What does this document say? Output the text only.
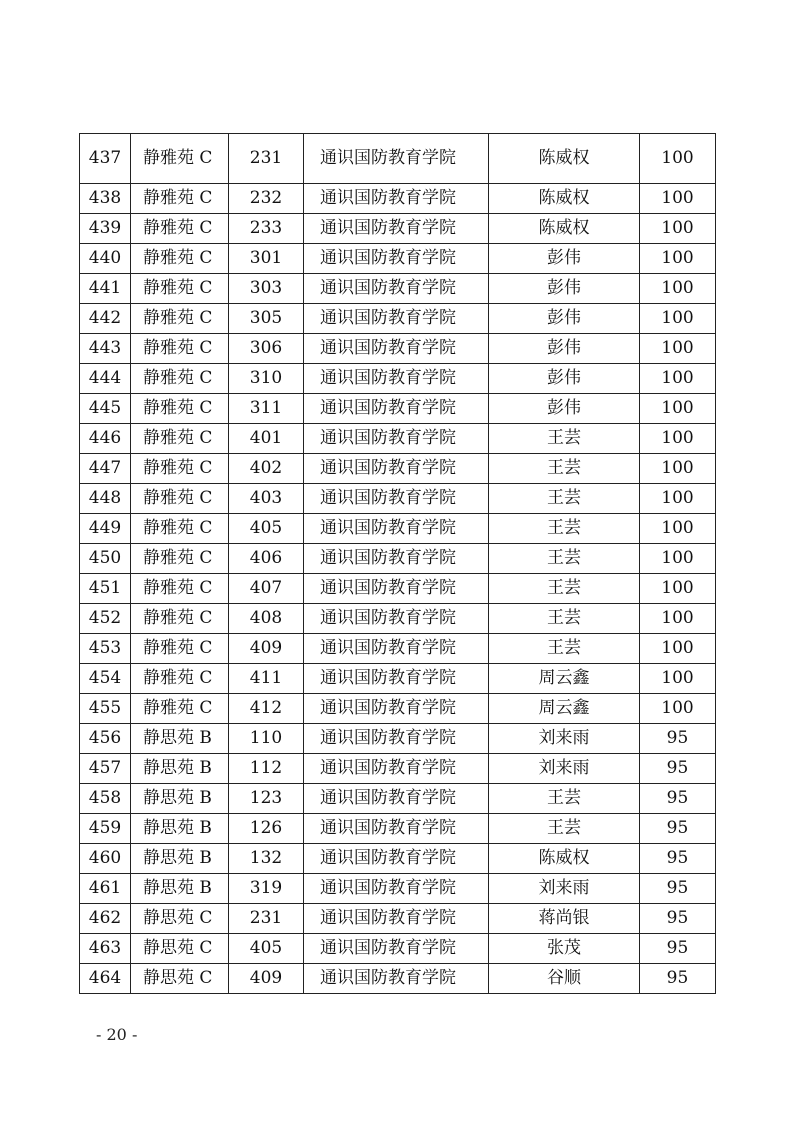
437	静雅苑 C	231	通识国防教育学院	陈威权	100
438	静雅苑 C	232	通识国防教育学院	陈威权	100
439	静雅苑 C	233	通识国防教育学院	陈威权	100
440	静雅苑 C	301	通识国防教育学院	彭伟	100
441	静雅苑 C	303	通识国防教育学院	彭伟	100
442	静雅苑 C	305	通识国防教育学院	彭伟	100
443	静雅苑 C	306	通识国防教育学院	彭伟	100
444	静雅苑 C	310	通识国防教育学院	彭伟	100
445	静雅苑 C	311	通识国防教育学院	彭伟	100
446	静雅苑 C	401	通识国防教育学院	王芸	100
447	静雅苑 C	402	通识国防教育学院	王芸	100
448	静雅苑 C	403	通识国防教育学院	王芸	100
449	静雅苑 C	405	通识国防教育学院	王芸	100
450	静雅苑 C	406	通识国防教育学院	王芸	100
451	静雅苑 C	407	通识国防教育学院	王芸	100
452	静雅苑 C	408	通识国防教育学院	王芸	100
453	静雅苑 C	409	通识国防教育学院	王芸	100
454	静雅苑 C	411	通识国防教育学院	周云鑫	100
455	静雅苑 C	412	通识国防教育学院	周云鑫	100
456	静思苑 B	110	通识国防教育学院	刘来雨	95
457	静思苑 B	112	通识国防教育学院	刘来雨	95
458	静思苑 B	123	通识国防教育学院	王芸	95
459	静思苑 B	126	通识国防教育学院	王芸	95
460	静思苑 B	132	通识国防教育学院	陈威权	95
461	静思苑 B	319	通识国防教育学院	刘来雨	95
462	静思苑 C	231	通识国防教育学院	蒋尚银	95
463	静思苑 C	405	通识国防教育学院	张茂	95
464	静思苑 C	409	通识国防教育学院	谷顺	95
- 20 -
